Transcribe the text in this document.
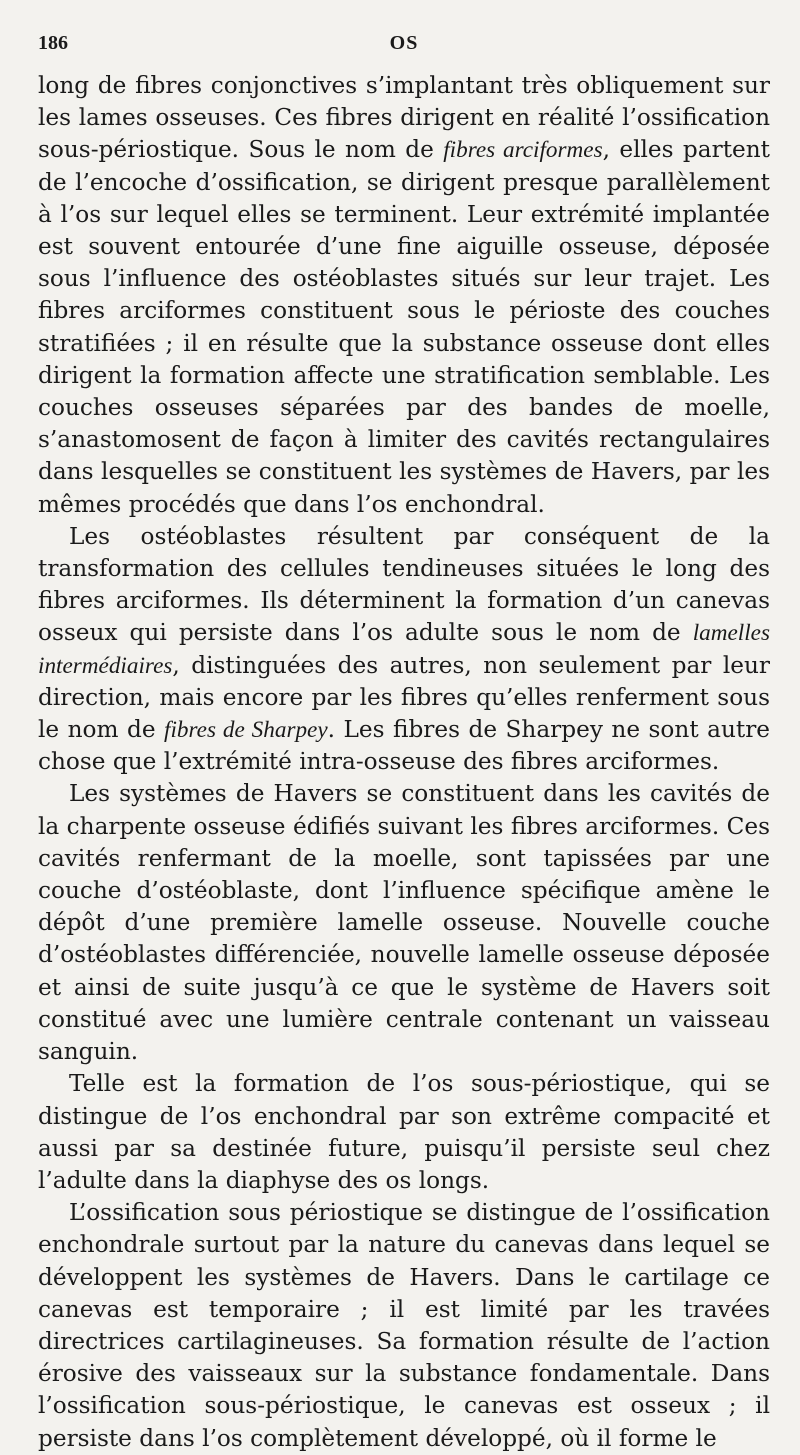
186	OS

long de fibres conjonctives s’implantant très obliquement sur les lames osseuses. Ces fibres dirigent en réalité l’ossification sous-périostique. Sous le nom de fibres arciformes, elles partent de l’encoche d’ossification, se dirigent presque parallèlement à l’os sur lequel elles se terminent. Leur extrémité implantée est souvent entourée d’une fine aiguille osseuse, déposée sous l’influence des ostéoblastes situés sur leur trajet. Les fibres arciformes constituent sous le périoste des couches stratifiées ; il en résulte que la substance osseuse dont elles dirigent la formation affecte une stratification semblable. Les couches osseuses séparées par des bandes de moelle, s’anastomosent de façon à limiter des cavités rectangulaires dans lesquelles se constituent les systèmes de Havers, par les mêmes procédés que dans l’os enchondral.

Les ostéoblastes résultent par conséquent de la transformation des cellules tendineuses situées le long des fibres arciformes. Ils déterminent la formation d’un canevas osseux qui persiste dans l’os adulte sous le nom de lamelles intermédiaires, distinguées des autres, non seulement par leur direction, mais encore par les fibres qu’elles renferment sous le nom de fibres de Sharpey. Les fibres de Sharpey ne sont autre chose que l’extrémité intra-osseuse des fibres arciformes.

Les systèmes de Havers se constituent dans les cavités de la charpente osseuse édifiés suivant les fibres arciformes. Ces cavités renfermant de la moelle, sont tapissées par une couche d’ostéoblaste, dont l’influence spécifique amène le dépôt d’une première lamelle osseuse. Nouvelle couche d’ostéoblastes différenciée, nouvelle lamelle osseuse déposée et ainsi de suite jusqu’à ce que le système de Havers soit constitué avec une lumière centrale contenant un vaisseau sanguin.

Telle est la formation de l’os sous-périostique, qui se distingue de l’os enchondral par son extrême compacité et aussi par sa destinée future, puisqu’il persiste seul chez l’adulte dans la diaphyse des os longs.

L’ossification sous périostique se distingue de l’ossification enchondrale surtout par la nature du canevas dans lequel se développent les systèmes de Havers. Dans le cartilage ce canevas est temporaire ; il est limité par les travées directrices cartilagineuses. Sa formation résulte de l’action érosive des vaisseaux sur la substance fondamentale. Dans l’ossification sous-périostique, le canevas est osseux ; il persiste dans l’os complètement développé, où il forme le
